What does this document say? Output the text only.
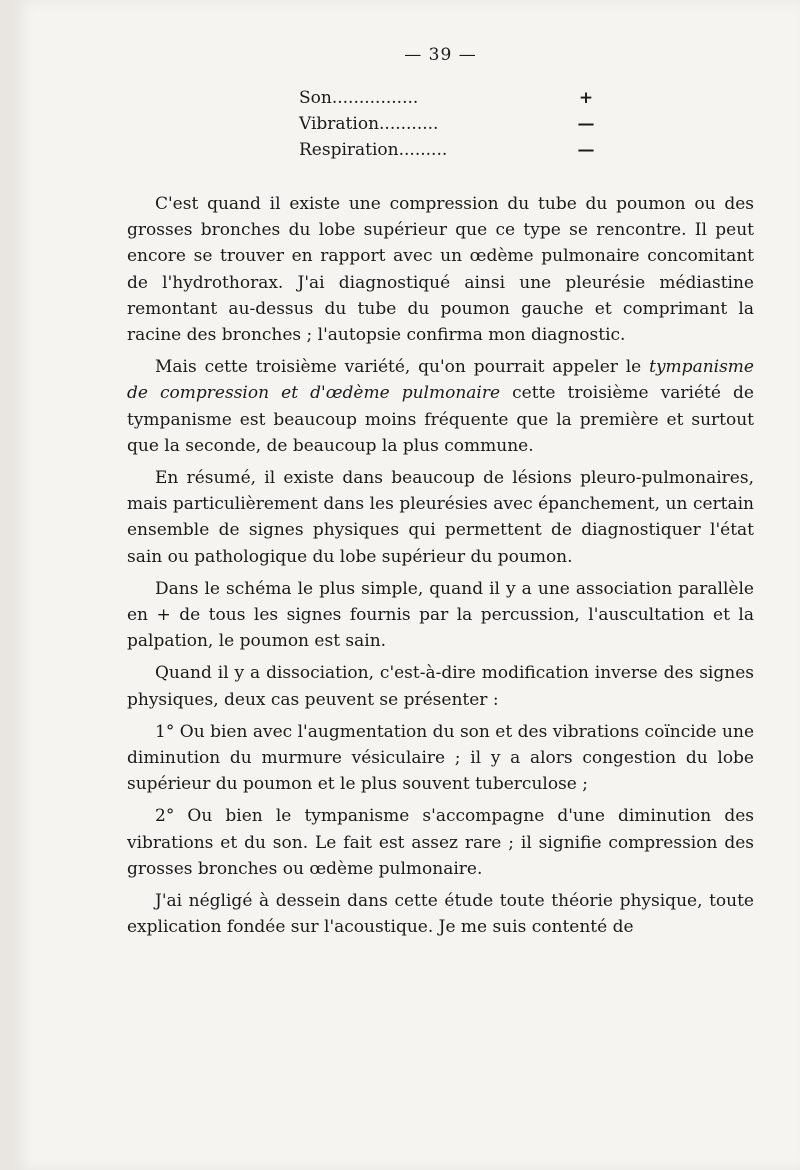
— 39 —
Son................	+
Vibration...........	—
Respiration.........	—

C'est quand il existe une compression du tube du poumon ou des grosses bronches du lobe supérieur que ce type se rencontre. Il peut encore se trouver en rapport avec un œdème pulmonaire concomitant de l'hydrothorax. J'ai diagnostiqué ainsi une pleurésie médiastine remontant au-dessus du tube du poumon gauche et comprimant la racine des bronches ; l'autopsie confirma mon diagnostic.

Mais cette troisième variété, qu'on pourrait appeler le tympanisme de compression et d'œdème pulmonaire cette troisième variété de tympanisme est beaucoup moins fréquente que la première et surtout que la seconde, de beaucoup la plus commune.

En résumé, il existe dans beaucoup de lésions pleuro-pulmonaires, mais particulièrement dans les pleurésies avec épanchement, un certain ensemble de signes physiques qui permettent de diagnostiquer l'état sain ou pathologique du lobe supérieur du poumon.

Dans le schéma le plus simple, quand il y a une association parallèle en + de tous les signes fournis par la percussion, l'auscultation et la palpation, le poumon est sain.

Quand il y a dissociation, c'est-à-dire modification inverse des signes physiques, deux cas peuvent se présenter :

1° Ou bien avec l'augmentation du son et des vibrations coïncide une diminution du murmure vésiculaire ; il y a alors congestion du lobe supérieur du poumon et le plus souvent tuberculose ;

2° Ou bien le tympanisme s'accompagne d'une diminution des vibrations et du son. Le fait est assez rare ; il signifie compression des grosses bronches ou œdème pulmonaire.

J'ai négligé à dessein dans cette étude toute théorie physique, toute explication fondée sur l'acoustique. Je me suis contenté de
